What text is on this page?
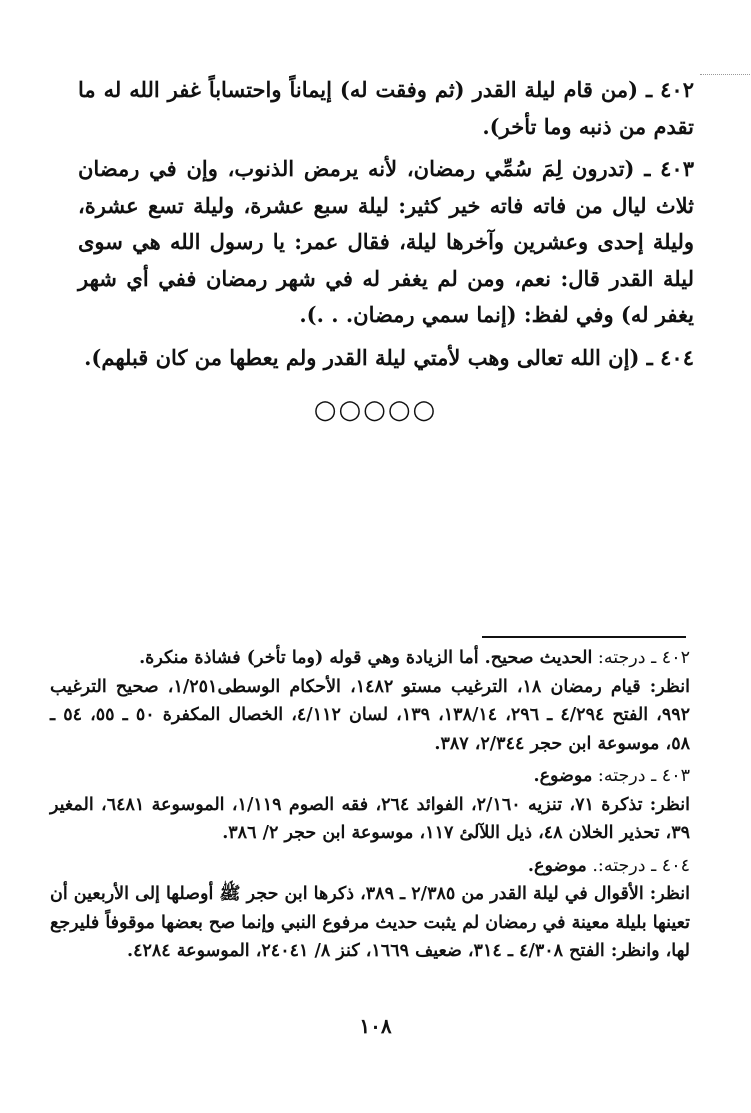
٤٠٢ ـ (من قام ليلة القدر (ثم وفقت له) إيماناً واحتساباً غفر الله له ما تقدم من ذنبه وما تأخر).

٤٠٣ ـ (تدرون لِمَ سُمِّي رمضان، لأنه يرمض الذنوب، وإن في رمضان ثلاث ليال من فاته فاته خير كثير: ليلة سبع عشرة، وليلة تسع عشرة، وليلة إحدى وعشرين وآخرها ليلة، فقال عمر: يا رسول الله هي سوى ليلة القدر قال: نعم، ومن لم يغفر له في شهر رمضان ففي أي شهر يغفر له) وفي لفظ: (إنما سمي رمضان. . .).

٤٠٤ ـ (إن الله تعالى وهب لأمتي ليلة القدر ولم يعطها من كان قبلهم).

○○○○○

٤٠٢ ـ درجته: الحديث صحيح. أما الزيادة وهي قوله (وما تأخر) فشاذة منكرة.

انظر: قيام رمضان ١٨، الترغيب مستو ١٤٨٢، الأحكام الوسطى١/٢٥١، صحيح الترغيب ٩٩٢، الفتح ٤/٢٩٤ ـ ٢٩٦، ١٣٨/١٤، ١٣٩، لسان ٤/١١٢، الخصال المكفرة ٥٠ ـ ٥٥، ٥٤ ـ ٥٨، موسوعة ابن حجر ٢/٣٤٤، ٣٨٧.

٤٠٣ ـ درجته: موضوع.

انظر: تذكرة ٧١، تنزيه ٢/١٦٠، الفوائد ٢٦٤، فقه الصوم ١/١١٩، الموسوعة ٦٤٨١، المغير ٣٩، تحذير الخلان ٤٨، ذيل اللآلئ ١١٧، موسوعة ابن حجر ٢/ ٣٨٦.

٤٠٤ ـ درجته:. موضوع.

انظر: الأقوال في ليلة القدر من ٢/٣٨٥ ـ ٣٨٩، ذكرها ابن حجر ﷺ أوصلها إلى الأربعين أن تعينها بليلة معينة في رمضان لم يثبت حديث مرفوع النبي وإنما صح بعضها موقوفاً فليرجع لها، وانظر: الفتح ٤/٣٠٨ ـ ٣١٤، ضعيف ١٦٦٩، كنز ٨/ ٢٤٠٤١، الموسوعة ٤٢٨٤.

١٠٨
